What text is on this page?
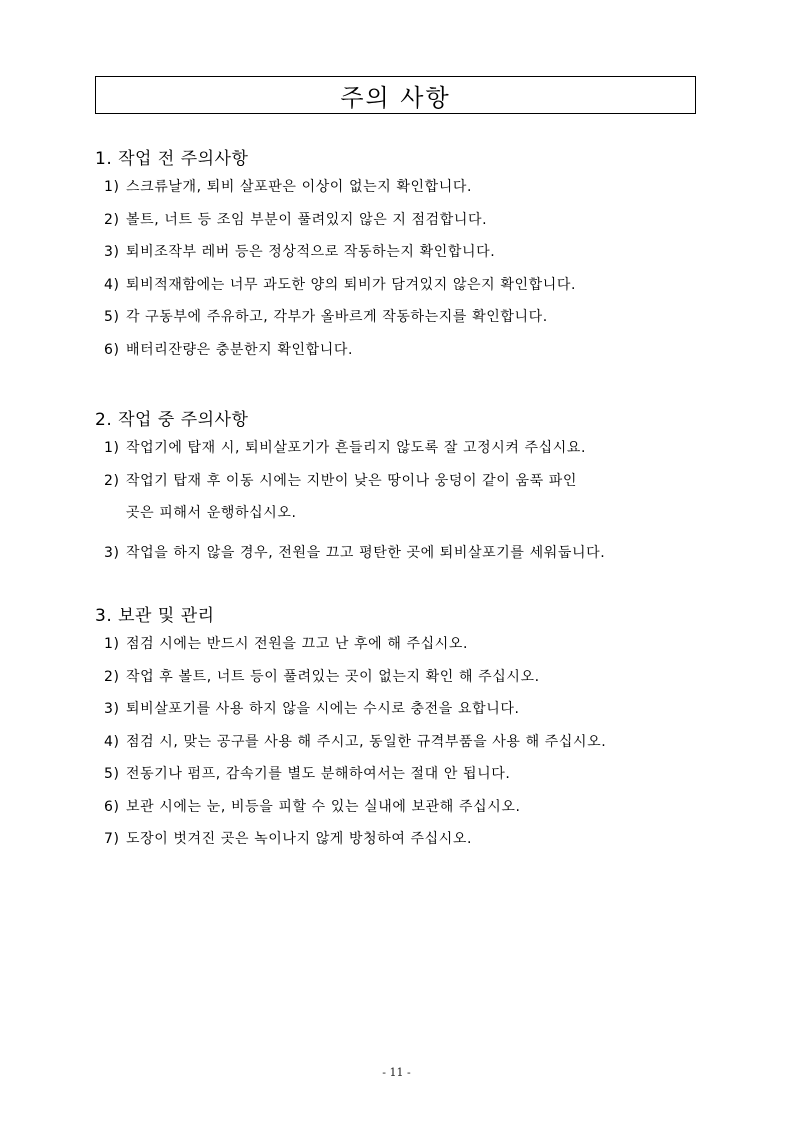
주의 사항
1. 작업 전 주의사항
1) 스크류날개, 퇴비 살포판은 이상이 없는지 확인합니다.
2) 볼트, 너트 등 조임 부분이 풀려있지 않은 지 점검합니다.
3) 퇴비조작부 레버 등은 정상적으로 작동하는지 확인합니다.
4) 퇴비적재함에는 너무 과도한 양의 퇴비가 담겨있지 않은지 확인합니다.
5) 각 구동부에 주유하고, 각부가 올바르게 작동하는지를 확인합니다.
6) 배터리잔량은 충분한지 확인합니다.
2. 작업 중 주의사항
1) 작업기에 탑재 시, 퇴비살포기가 흔들리지 않도록 잘 고정시켜 주십시요.
2) 작업기 탑재 후 이동 시에는 지반이 낮은 땅이나 웅덩이 같이 움푹 파인
곳은 피해서 운행하십시오.
3) 작업을 하지 않을 경우, 전원을 끄고 평탄한 곳에 퇴비살포기를 세워둡니다.
3. 보관 및 관리
1) 점검 시에는 반드시 전원을 끄고 난 후에 해 주십시오.
2) 작업 후 볼트, 너트 등이 풀려있는 곳이 없는지 확인 해 주십시오.
3) 퇴비살포기를 사용 하지 않을 시에는 수시로 충전을 요합니다.
4) 점검 시, 맞는 공구를 사용 해 주시고, 동일한 규격부품을 사용 해 주십시오.
5) 전동기나 펌프, 감속기를 별도 분해하여서는 절대 안 됩니다.
6) 보관 시에는 눈, 비등을 피할 수 있는 실내에 보관해 주십시오.
7) 도장이 벗겨진 곳은 녹이나지 않게 방청하여 주십시오.
- 11 -
